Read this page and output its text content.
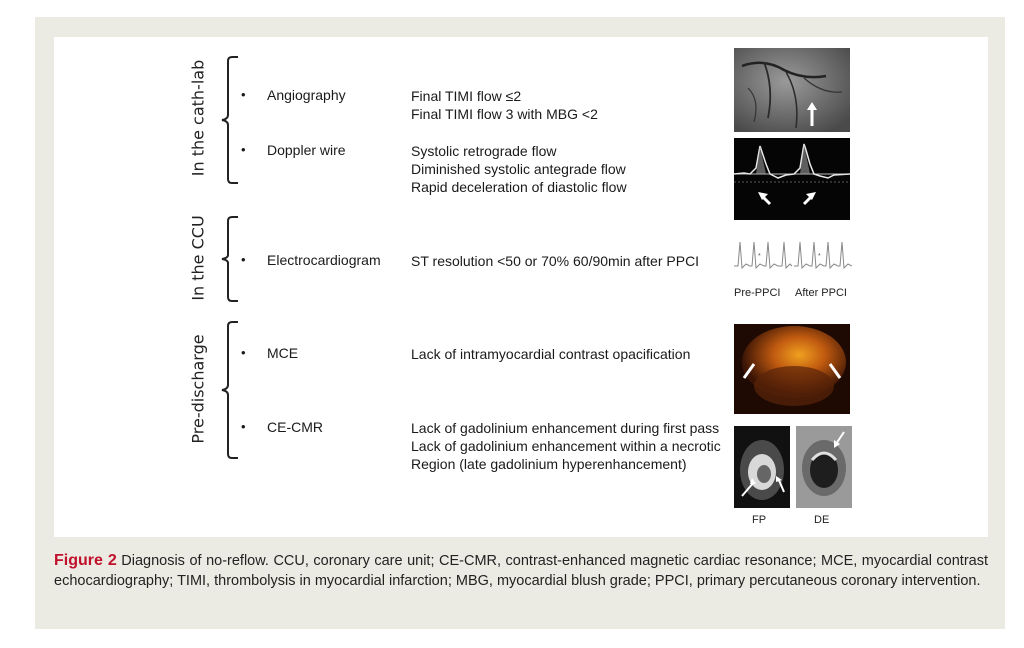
In the cath-lab
In the CCU
Pre-discharge
•
•
•
•
•
Angiography
Doppler wire
Electrocardiogram
MCE
CE-CMR
Final TIMI flow ≤2
Final TIMI flow 3 with MBG <2
Systolic retrograde flow
Diminished systolic antegrade flow
Rapid deceleration of diastolic flow
ST resolution <50 or 70% 60/90min after PPCI
Lack of intramyocardial contrast opacification
Lack of gadolinium enhancement during first pass
Lack of gadolinium enhancement within a necrotic
Region (late gadolinium hyperenhancement)
*	*
Pre-PPCI After PPCI
FP	DE
Figure 2 Diagnosis of no-reflow. CCU, coronary care unit; CE-CMR, contrast-enhanced magnetic cardiac resonance; MCE, myocardial contrast echocardiography; TIMI, thrombolysis in myocardial infarction; MBG, myocardial blush grade; PPCI, primary percutaneous coronary intervention.
